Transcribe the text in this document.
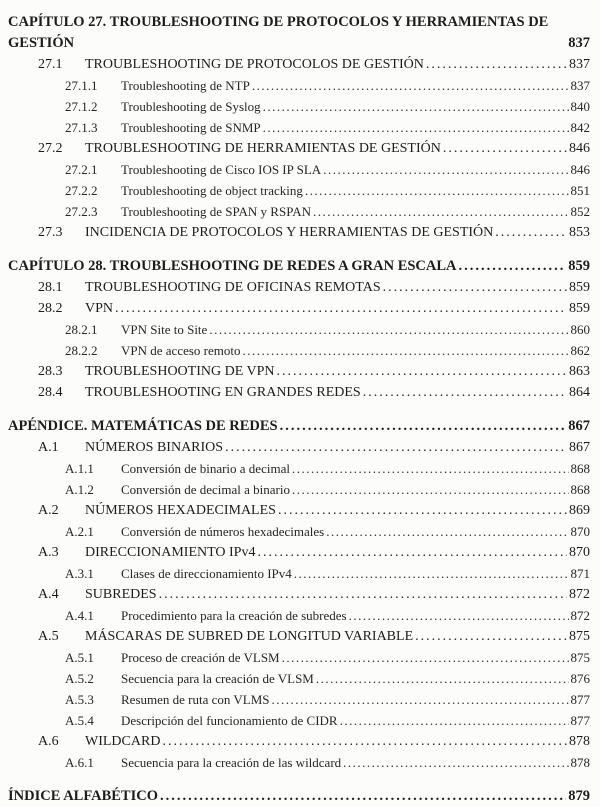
CAPÍTULO 27. TROUBLESHOOTING DE PROTOCOLOS Y HERRAMIENTAS DE GESTIÓN	837
27.1	TROUBLESHOOTING DE PROTOCOLOS DE GESTIÓN .....	837
27.1.1	Troubleshooting de NTP .....	837
27.1.2	Troubleshooting de Syslog .....	840
27.1.3	Troubleshooting de SNMP .....	842
27.2	TROUBLESHOOTING DE HERRAMIENTAS DE GESTIÓN .....	846
27.2.1	Troubleshooting de Cisco IOS IP SLA .....	846
27.2.2	Troubleshooting de object tracking .....	851
27.2.3	Troubleshooting de SPAN y RSPAN .....	852
27.3	INCIDENCIA DE PROTOCOLOS Y HERRAMIENTAS DE GESTIÓN .....	853
CAPÍTULO 28. TROUBLESHOOTING DE REDES A GRAN ESCALA .....	859
28.1	TROUBLESHOOTING DE OFICINAS REMOTAS .....	859
28.2	VPN .....	859
28.2.1	VPN Site to Site .....	860
28.2.2	VPN de acceso remoto .....	862
28.3	TROUBLESHOOTING DE VPN .....	863
28.4	TROUBLESHOOTING EN GRANDES REDES .....	864
APÉNDICE. MATEMÁTICAS DE REDES .....	867
A.1	NÚMEROS BINARIOS .....	867
A.1.1	Conversión de binario a decimal .....	868
A.1.2	Conversión de decimal a binario .....	868
A.2	NÚMEROS HEXADECIMALES .....	869
A.2.1	Conversión de números hexadecimales .....	870
A.3	DIRECCIONAMIENTO IPv4 .....	870
A.3.1	Clases de direccionamiento IPv4 .....	871
A.4	SUBREDES .....	872
A.4.1	Procedimiento para la creación de subredes .....	872
A.5	MÁSCARAS DE SUBRED DE LONGITUD VARIABLE .....	875
A.5.1	Proceso de creación de VLSM .....	875
A.5.2	Secuencia para la creación de VLSM .....	876
A.5.3	Resumen de ruta con VLMS .....	877
A.5.4	Descripción del funcionamiento de CIDR .....	877
A.6	WILDCARD .....	878
A.6.1	Secuencia para la creación de las wildcard .....	878
ÍNDICE ALFABÉTICO .....	879
